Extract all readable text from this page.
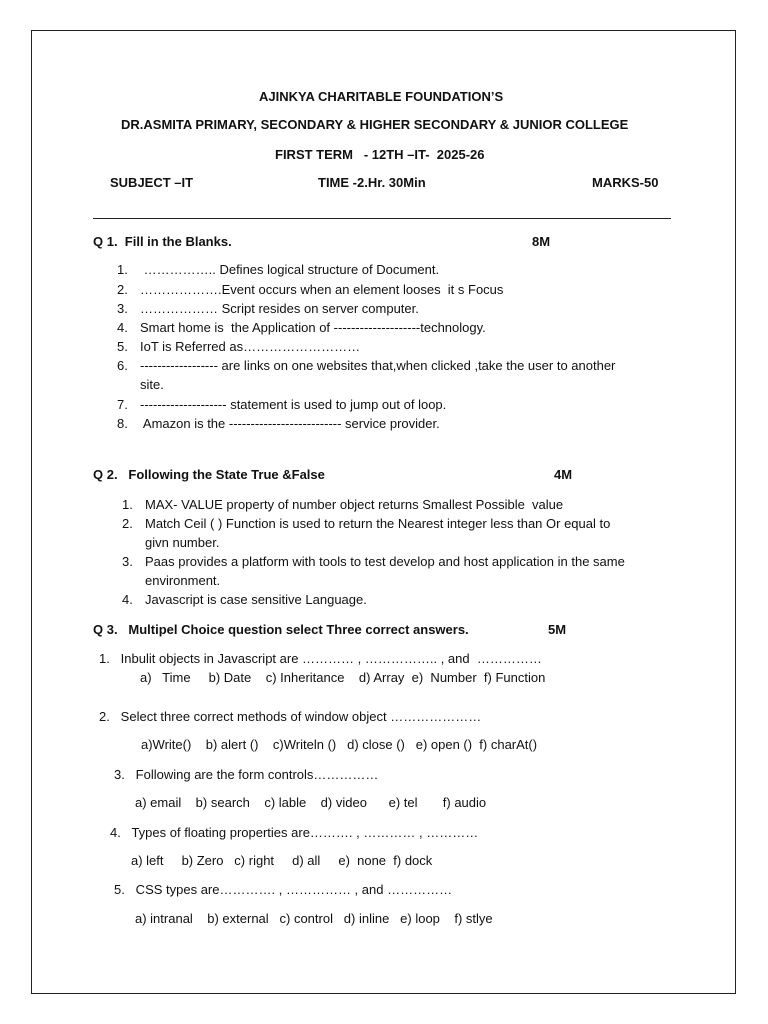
AJINKYA CHARITABLE FOUNDATION’S
DR.ASMITA PRIMARY, SECONDARY & HIGHER SECONDARY & JUNIOR COLLEGE
FIRST TERM   - 12TH –IT-  2025-26
SUBJECT –IT	TIME -2.Hr. 30Min	MARKS-50
Q 1.  Fill in the Blanks.	8M
1. …………….. Defines logical structure of Document.
2. ……………….Event occurs when an element looses  it s Focus
3. ……………… Script resides on server computer.
4. Smart home is  the Application of --------------------technology.
5. IoT is Referred as………………………
6. ------------------ are links on one websites that,when clicked ,take the user to another
site.
7. -------------------- statement is used to jump out of loop.
8. Amazon is the -------------------------- service provider.
Q 2.   Following the State True &False	4M
1. MAX- VALUE property of number object returns Smallest Possible  value
2. Match Ceil ( ) Function is used to return the Nearest integer less than Or equal to
givn number.
3. Paas provides a platform with tools to test develop and host application in the same
environment.
4. Javascript is case sensitive Language.
Q 3.   Multipel Choice question select Three correct answers.	5M
1.   Inbulit objects in Javascript are ………… , …………….. , and  ……………
a)   Time     b) Date    c) Inheritance    d) Array  e)  Number  f) Function
2.   Select three correct methods of window object …………………
a)Write()    b) alert ()    c)Writeln ()   d) close ()   e) open ()  f) charAt()
3.   Following are the form controls……………
a) email    b) search    c) lable    d) video      e) tel       f) audio
4.   Types of floating properties are………. , ………… , …………
a) left     b) Zero   c) right     d) all     e)  none  f) dock
5.   CSS types are…………. , …………… , and ……………
a) intranal    b) external   c) control   d) inline   e) loop    f) stlye
